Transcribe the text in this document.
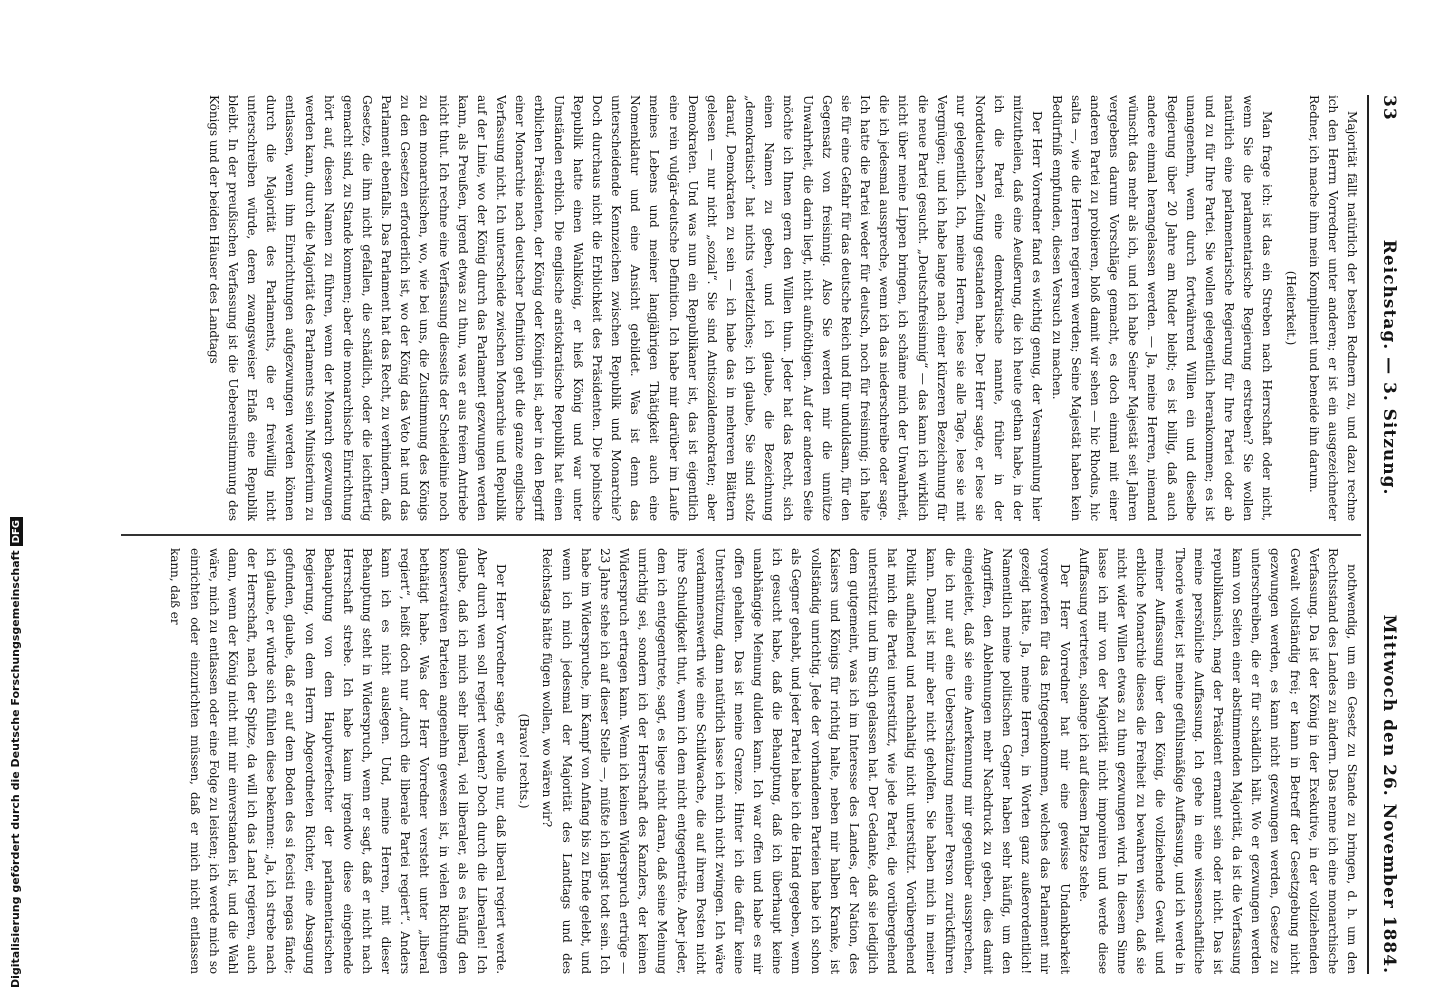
33
Reichstag. — 3. Sitzung.
Mittwoch den 26. November 1884.

Majorität fällt natürlich der besten Rednern zu, und dazu rechne ich den Herrn Vorredner unter anderen; er ist ein ausgezeichneter Redner, ich mache ihm mein Kompliment und beneide ihn darum.

(Heiterkeit.)

Man frage ich: ist das ein Streben nach Herrschaft oder nicht, wenn Sie die parlamentarische Regierung erstreben? Sie wollen natürlich eine parlamentarische Regierung für Ihre Partei oder ab und zu für Ihre Partei. Sie wollen gelegentlich herankommen; es ist unangenehm, wenn durch fortwährend Willen ein und dieselbe Regierung über 20 Jahre am Ruder bleibt; es ist billig, daß auch andere einmal herangelassen werden. — Ja, meine Herren, niemand wünscht das mehr als ich, und ich habe Seiner Majestät seit Jahren vergebens darum Vorschläge gemacht, es doch einmal mit einer anderen Partei zu probieren, bloß damit wir sehen — hic Rhodus, hic salta —, wie die Herren regieren werden; Seine Majestät haben kein Bedürfniß empfunden, diesen Versuch zu machen.

Der Herr Vorredner fand es wichtig genug, der Versammlung hier mitzutheilen, daß eine Aeußerung, die ich heute gethan habe, in der ich die Partei eine demokratische nannte, früher in der Norddeutschen Zeitung gestanden habe. Der Herr sagte, er lese sie nur gelegentlich. Ich, meine Herren, lese sie alle Tage, lese sie mit Vergnügen; und ich habe lange nach einer kürzeren Bezeichnung für die neue Partei gesucht. „Deutschfreisinnig“ — das kann ich wirklich nicht über meine Lippen bringen, ich schäme mich der Unwahrheit, die ich jedesmal ausspreche, wenn ich das niederschreibe oder sage. Ich hatte die Partei weder für deutsch, noch für freisinnig; ich halte sie für eine Gefahr für das deutsche Reich und für unduldsam, für den Gegensatz von freisinnig. Also Sie werden mir die unnütze Unwahrheit, die darin liegt, nicht aufnöthigen. Auf der anderen Seite möchte ich Ihnen gern den Willen thun. Jeder hat das Recht, sich einen Namen zu geben, und ich glaube, die Bezeichnung „demokratisch“ hat nichts verletzliches; ich glaube, Sie sind stolz darauf, Demokraten zu sein — ich habe das in mehreren Blättern gelesen — nur nicht „sozial“. Sie sind Antisozialdemokraten; aber Demokraten. Und was nun ein Republikaner ist, das ist eigentlich eine rein vulgär-deutsche Definition. Ich habe mir darüber im Laufe meines Lebens und meiner langjährigen Thätigkeit auch eine Nomenklatur und eine Ansicht gebildet. Was ist denn das unterscheidende Kennzeichen zwischen Republik und Monarchie? Doch durchaus nicht die Erblichkeit des Präsidenten. Die polnische Republik hatte einen Wahlkönig, er hieß König und war unter Umständen erblich. Die englische aristokratische Republik hat einen erblichen Präsidenten, der König oder Königin ist, aber in den Begriff einer Monarchie nach deutscher Definition geht die ganze englische Verfassung nicht. Ich unterscheide zwischen Monarchie und Republik auf der Linie, wo der König durch das Parlament gezwungen werden kann, als Preußen, irgend etwas zu thun, was er aus freiem Antriebe nicht thut. Ich rechne eine Verfassung diesseits der Scheidelinie noch zu den monarchischen, wo, wie bei uns, die Zustimmung des Königs zu den Gesetzen erforderlich ist, wo der König das Veto hat und das Parlament ebenfalls. Das Parlament hat das Recht, zu verhindern, daß Gesetze, die ihm nicht gefallen, die schädlich, oder die leichtfertig gemacht sind, zu Stande kommen; aber die monarchische Einrichtung hört auf, diesen Namen zu führen, wenn der Monarch gezwungen werden kann, durch die Majorität des Parlaments sein Ministerium zu entlassen, wenn ihm Einrichtungen aufgezwungen werden können durch die Majorität des Parlaments, die er freiwillig nicht unterschreiben würde, deren zwangsweiser Erlaß eine Republik bleibt. In der preußischen Verfassung ist die Uebereinstimmung des Königs und der beiden Häuser des Landtags

nothwendig, um ein Gesetz zu Stande zu bringen, d. h. um den Rechtsstand des Landes zu ändern. Das nenne ich eine monarchische Verfassung. Da ist der König in der Exekutive, in der vollziehenden Gewalt vollständig frei; er kann in Betreff der Gesetzgebung nicht gezwungen werden, es kann nicht gezwungen werden, Gesetze zu unterschreiben, die er für schädlich hält. Wo er gezwungen werden kann von Seiten einer abstimmenden Majorität, da ist die Verfassung republikanisch, mag der Präsident ernannt sein oder nicht. Das ist meine persönliche Auffassung. Ich gehe in eine wissenschaftliche Theorie weiter, ist meine gefühlsmäßige Auffassung, und ich werde in meiner Auffassung über den König, die vollziehende Gewalt und erbliche Monarchie dieses die Freiheit zu bewahren wissen, daß sie nicht wider Willen etwas zu thun gezwungen wird. In diesem Sinne lasse ich mir von der Majorität nicht imponiren und werde diese Auffassung vertreten, solange ich auf diesem Platze stehe.

Der Herr Vorredner hat mir eine gewisse Undankbarkeit vorgeworfen für das Entgegenkommen, welches das Parlament mir gezeigt hätte. Ja, meine Herren, in Worten ganz außerordentlich! Namentlich meine politischen Gegner haben sehr häufig, um den Angriffen, den Ablehnungen mehr Nachdruck zu geben, dies damit eingeleitet, daß sie eine Anerkennung mir gegenüber aussprechen, die ich nur auf eine Ueberschätzung meiner Person zurückführen kann. Damit ist mir aber nicht geholfen. Sie haben mich in meiner Politik aufhaltend und nachhaltig nicht unterstützt. Vorübergehend hat mich die Partei unterstützt, wie jede Partei, die vorübergehend unterstützt und im Stich gelassen hat. Der Gedanke, daß sie lediglich dem gutgemeint, was ich im Interesse des Landes, der Nation, des Kaisers und Königs für richtig halte, neben mir halben Kranke, ist vollständig unrichtig. Jede der vorhandenen Parteien habe ich schon als Gegner gehabt, und jeder Partei habe ich die Hand gegeben, wenn ich gesucht habe, daß die Behauptung, daß ich überhaupt keine unabhängige Meinung dulden kann. Ich war offen und habe es mir offen gehalten. Das ist meine Grenze. Hinter ich die dafür keine Unterstützung, dann natürlich lasse ich mich nicht zwingen. Ich wäre verdammenswerth wie eine Schildwache, die auf ihrem Posten nicht ihre Schuldigkeit thut, wenn ich dem nicht entgegenträte. Aber jeder, dem ich entgegentrete, sagt, es liege nicht daran, daß seine Meinung unrichtig sei, sondern ich der Herrschaft des Kanzlers, der keinen Widerspruch ertragen kann. Wenn ich keinen Widerspruch ertrüge — 23 Jahre stehe ich auf dieser Stelle —, müßte ich längst todt sein. Ich habe im Widerspruche, im Kampf von Anfang bis zu Ende gelebt, und wenn ich mich jedesmal der Majorität des Landtags und des Reichstags hätte fügen wollen, wo wären wir?

(Bravo! rechts.)

Der Herr Vorredner sagte, er wolle nur, daß liberal regiert werde. Aber durch wen soll regiert werden? Doch durch die Liberalen! Ich glaube, daß ich mich sehr liberal, viel liberaler, als es häufig den konservativen Parteien angenehm gewesen ist, in vielen Richtungen bethätigt habe. Was der Herr Vorredner versteht unter „liberal regiert“, heißt doch nur „durch die liberale Partei regiert“. Anders kann ich es nicht auslegen. Und, meine Herren, mit dieser Behauptung steht in Widerspruch, wenn er sagt, daß er nicht nach Herrschaft strebe. Ich habe kaum irgendwo diese eingehende Behauptung von dem Hauptverfechter der parlamentarischen Regierung, von dem Herrn Abgeordneten Richter, eine Absagung gefunden, glaube, daß er auf dem Boden des si fecisti negas fände; ich glaube, er würde sich fühlen diese bekennen: „Ja, ich strebe nach der Herrschaft, nach der Spitze, da will ich das Land regieren, auch dann, wenn der König nicht mit mir einverstanden ist, und die Wahl wäre, mich zu entlassen oder eine Folge zu leisten; ich werde mich so einrichten oder einzurichten müssen, daß er mich nicht entlassen kann, daß er

Digitalisierung gefördert durch die Deutsche ForschungsgemeinschaftDFG
